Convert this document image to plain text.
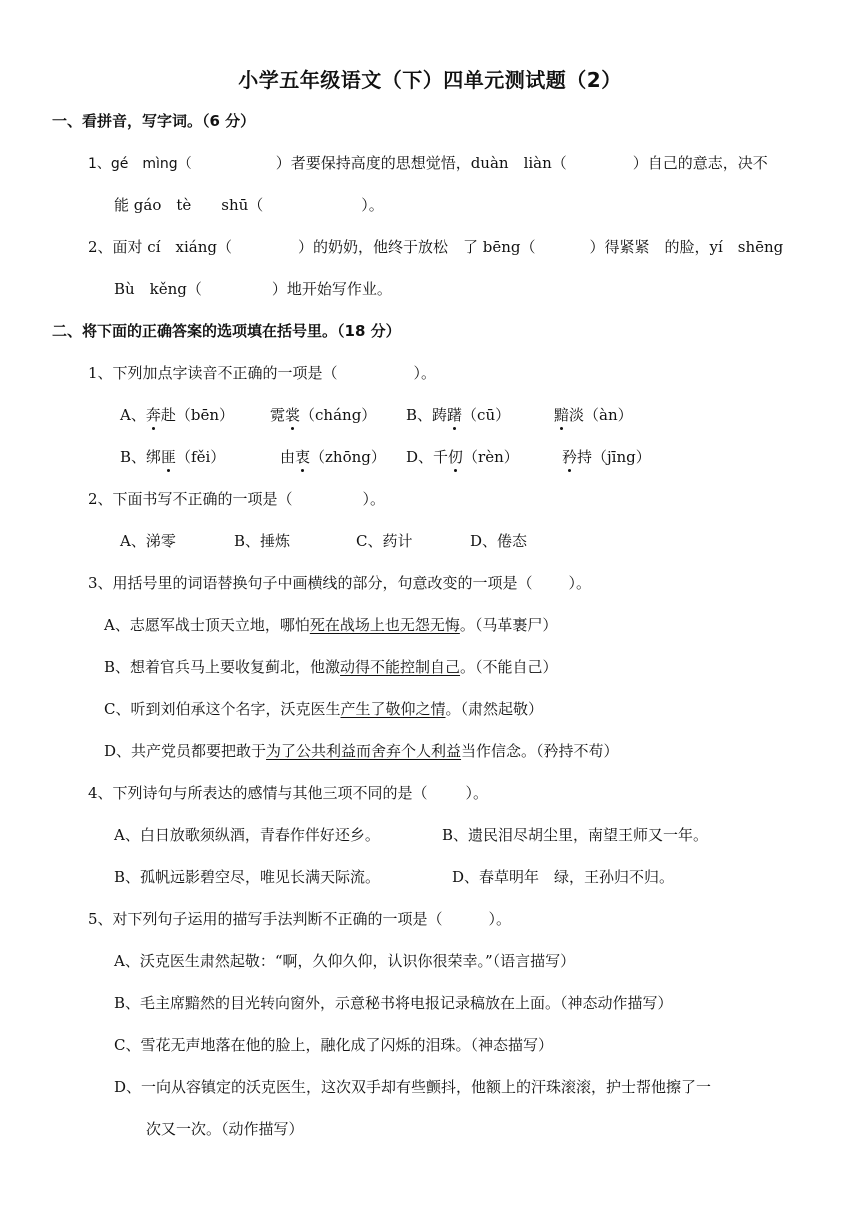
小学五年级语文（下）四单元测试题（2）
一、看拼音，写字词。（6 分）
1、gé　mìng（	）者要保持高度的思想觉悟，duàn　liàn（	）自己的意志，决不
能 gáo　tè　　shū（	）。
2、面对 cí　xiáng（	）的奶奶，他终于放松　了 bēng（	）得紧紧　的脸，yí　shēng
Bù　kěng（	）地开始写作业。
二、将下面的正确答案的选项填在括号里。（18 分）
1、下列加点字读音不正确的一项是（	）。
A、奔赴（bēn） 霓裳（cháng） B、踌躇（cū）	黯淡（àn）
B、绑匪（fěi）	由衷（zhōng） D、千仞（rèn）	矜持（jīng）
2、下面书写不正确的一项是（	）。
A、涕零	B、捶炼	C、药计	D、倦态
3、用括号里的词语替换句子中画横线的部分，句意改变的一项是（ ）。
A、志愿军战士顶天立地，哪怕死在战场上也无怨无悔。（马革裹尸）
B、想着官兵马上要收复蓟北，他激动得不能控制自己。（不能自己）
C、听到刘伯承这个名字，沃克医生产生了敬仰之情。（肃然起敬）
D、共产党员都要把敢于为了公共利益而舍弃个人利益当作信念。（矜持不苟）
4、下列诗句与所表达的感情与其他三项不同的是（	）。
A、白日放歌须纵酒，青春作伴好还乡。	B、遗民泪尽胡尘里，南望王师又一年。
B、孤帆远影碧空尽，唯见长满天际流。	D、春草明年　绿，王孙归不归。
5、对下列句子运用的描写手法判断不正确的一项是（	）。
A、沃克医生肃然起敬：“啊，久仰久仰，认识你很荣幸。”（语言描写）
B、毛主席黯然的目光转向窗外，示意秘书将电报记录稿放在上面。（神态动作描写）
C、雪花无声地落在他的脸上，融化成了闪烁的泪珠。（神态描写）
D、一向从容镇定的沃克医生，这次双手却有些颤抖，他额上的汗珠滚滚，护士帮他擦了一
次又一次。（动作描写）
